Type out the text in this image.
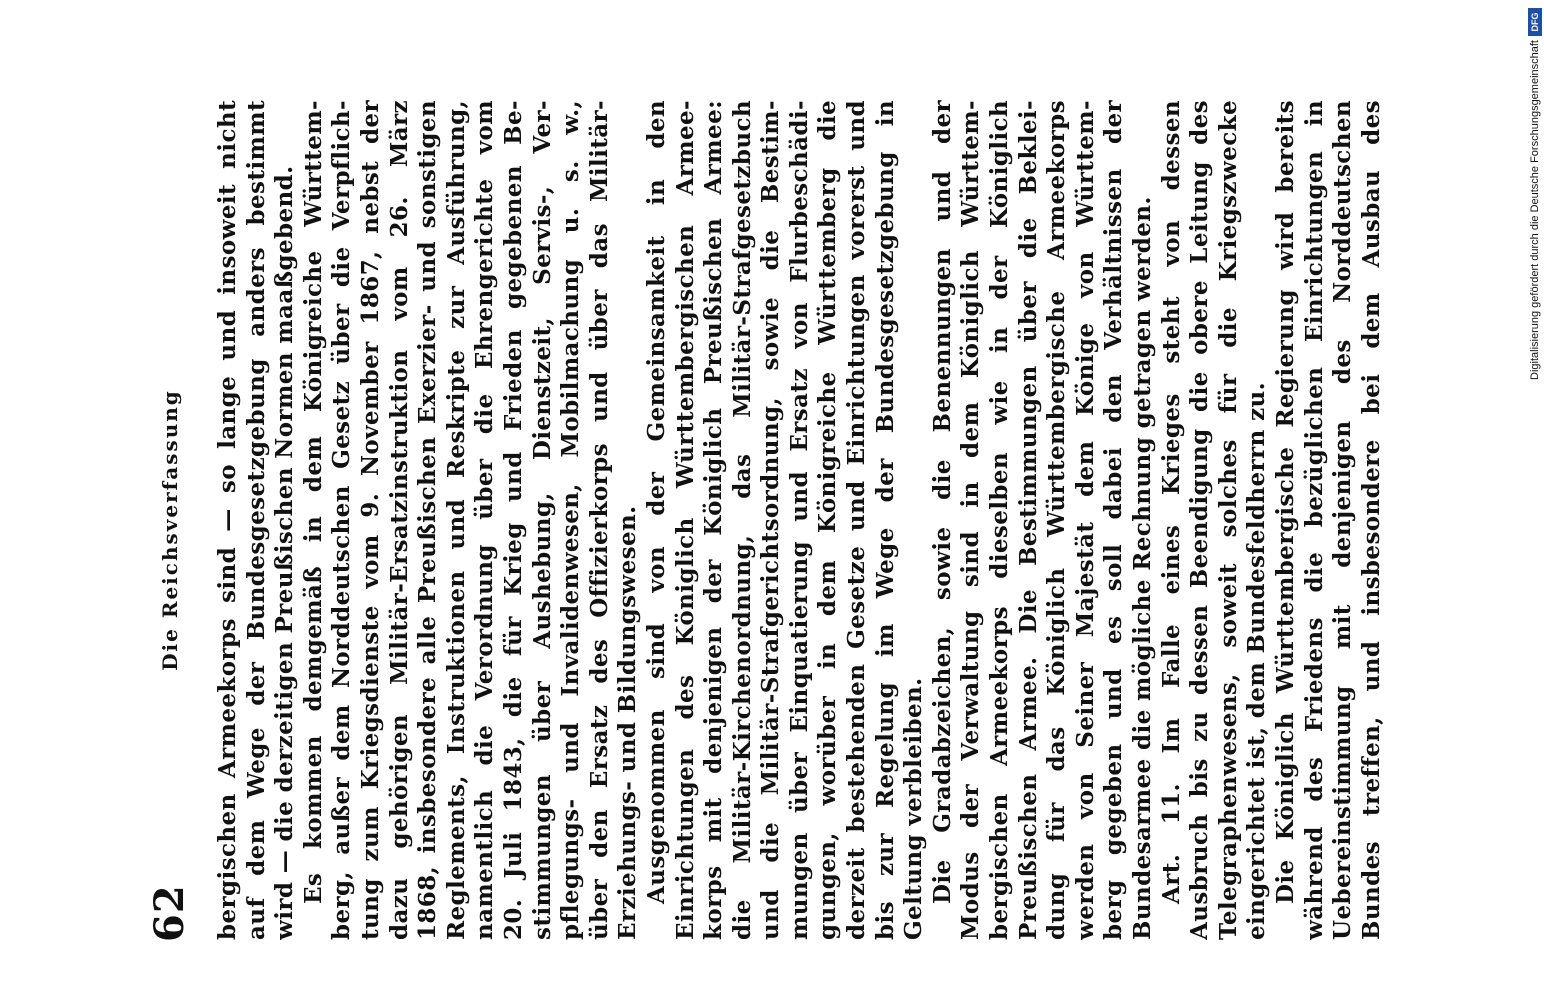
62
Die Reichsverfassung	bergischen Armeekorps sind — so lange und insoweit nicht auf dem Wege der Bundesgesetzgebung anders bestimmt wird — die derzeitigen Preußischen Normen maaßgebend. Es kommen demgemäß in dem Königreiche Württem- berg, außer dem Norddeutschen Gesetz über die Verpflich- tung zum Kriegsdienste vom 9. November 1867, nebst der dazu gehörigen Militär-Ersatzinstruktion vom 26. März 1868, insbesondere alle Preußischen Exerzier- und sonstigen Reglements, Instruktionen und Reskripte zur Ausführung, namentlich die Verordnung über die Ehrengerichte vom 20. Juli 1843, die für Krieg und Frieden gegebenen Be- stimmungen über Aushebung, Dienstzeit, Servis-, Ver- pflegungs- und Invalidenwesen, Mobilmachung u. s. w., über den Ersatz des Offizierkorps und über das Militär- Erziehungs- und Bildungswesen. Ausgenommen sind von der Gemeinsamkeit in den Einrichtungen des Königlich Württembergischen Armee- korps mit denjenigen der Königlich Preußischen Armee: die Militär-Kirchenordnung, das Militär-Strafgesetzbuch und die Militär-Strafgerichtsordnung, sowie die Bestim- mungen über Einquatierung und Ersatz von Flurbeschädi- gungen, worüber in dem Königreiche Württemberg die derzeit bestehenden Gesetze und Einrichtungen vorerst und bis zur Regelung im Wege der Bundesgesetzgebung in Geltung verbleiben. Die Gradabzeichen, sowie die Benennungen und der Modus der Verwaltung sind in dem Königlich Württem- bergischen Armeekorps dieselben wie in der Königlich Preußischen Armee. Die Bestimmungen über die Beklei- dung für das Königlich Württembergische Armeekorps werden von Seiner Majestät dem Könige von Württem- berg gegeben und es soll dabei den Verhältnissen der Bundesarmee die mögliche Rechnung getragen werden. Art. 11. Im Falle eines Krieges steht von dessen Ausbruch bis zu dessen Beendigung die obere Leitung des Telegraphenwesens, soweit solches für die Kriegszwecke eingerichtet ist, dem Bundesfeldherrn zu. Die Königlich Württembergische Regierung wird bereits während des Friedens die bezüglichen Einrichtungen in Uebereinstimmung mit denjenigen des Norddeutschen Bundes treffen, und insbesondere bei dem Ausbau des	Digitalisierung gefördert durch die Deutsche Forschungsgemeinschaft
DFG
